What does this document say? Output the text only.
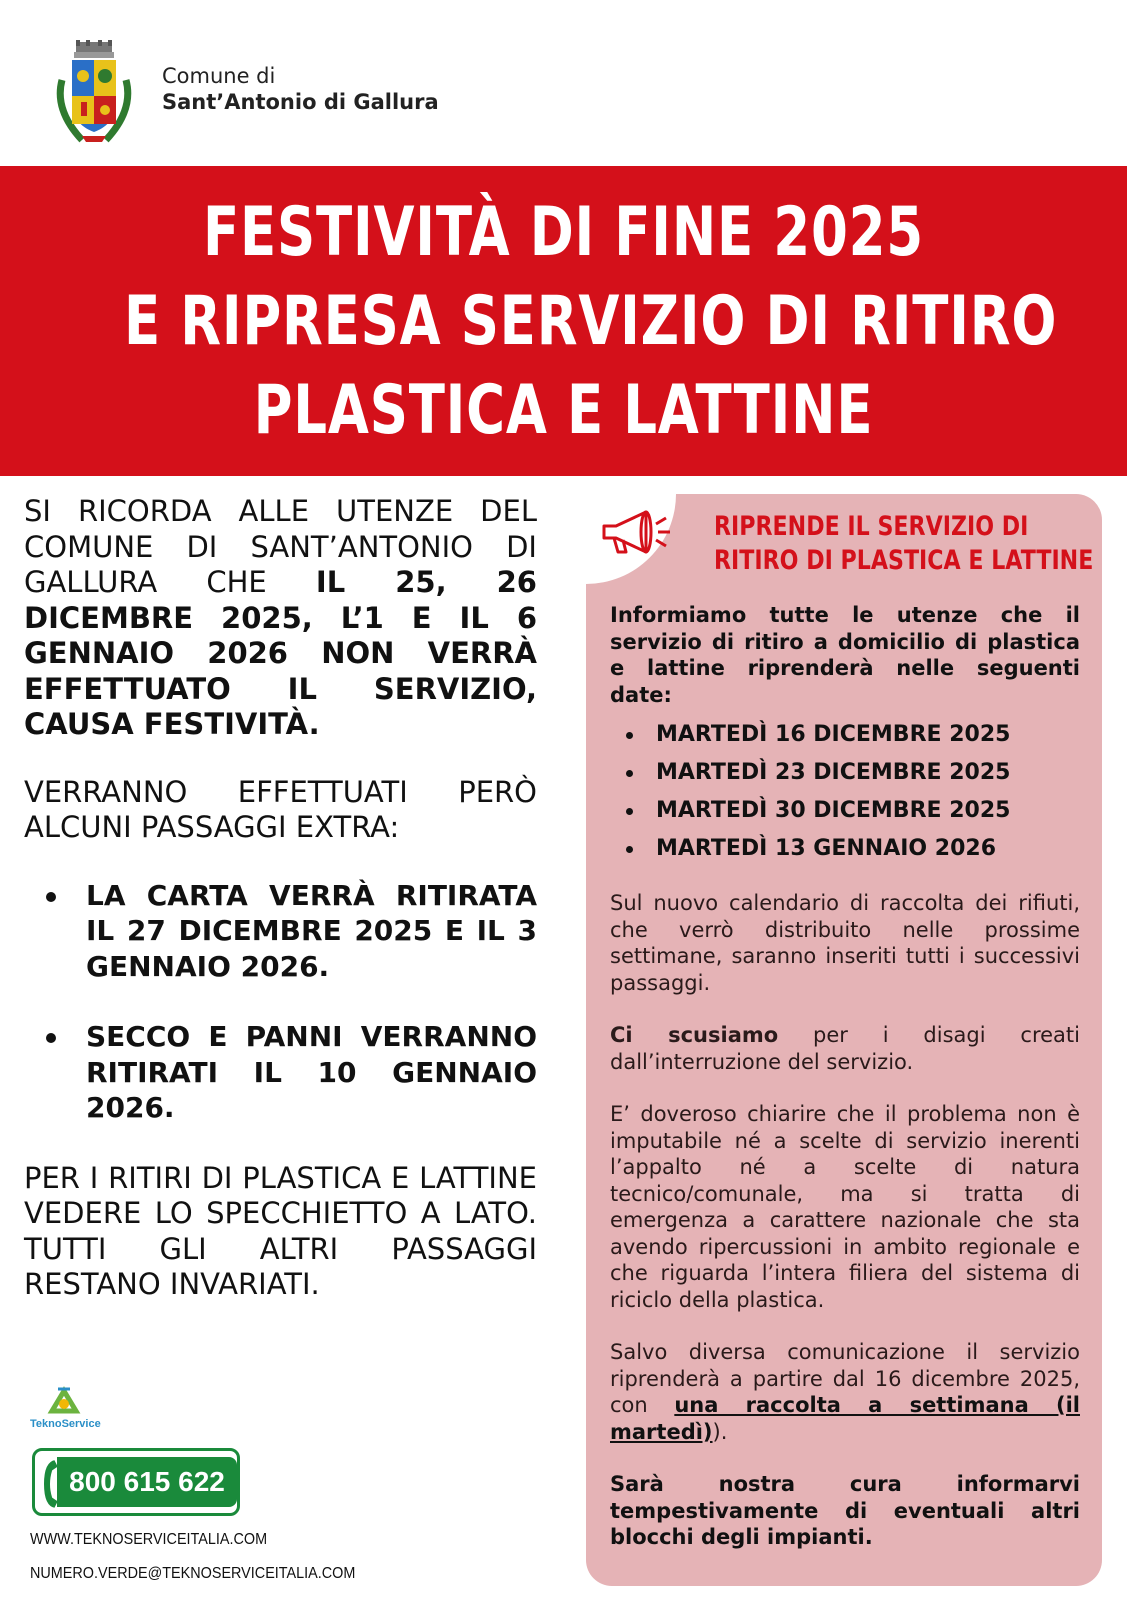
Comune di
Sant’Antonio di Gallura
FESTIVITÀ DI FINE 2025
E RIPRESA SERVIZIO DI RITIRO
PLASTICA E LATTINE

SI RICORDA ALLE UTENZE DEL COMUNE DI SANT’ANTONIO DI GALLURA CHE IL 25, 26 DICEMBRE 2025, L’1 E IL 6 GENNAIO 2026 NON VERRÀ EFFETTUATO IL SERVIZIO, CAUSA FESTIVITÀ.

VERRANNO EFFETTUATI PERÒ ALCUNI PASSAGGI EXTRA:

LA CARTA VERRÀ RITIRATA IL 27 DICEMBRE 2025 E IL 3 GENNAIO 2026.
SECCO E PANNI VERRANNO RITIRATI IL 10 GENNAIO 2026.

PER I RITIRI DI PLASTICA E LATTINE VEDERE LO SPECCHIETTO A LATO. TUTTI GLI ALTRI PASSAGGI RESTANO INVARIATI.

TeknoService
800 615 622
WWW.TEKNOSERVICEITALIA.COM
NUMERO.VERDE@TEKNOSERVICEITALIA.COM
RIPRENDE IL SERVIZIO DI
RITIRO DI PLASTICA E LATTINE

Informiamo tutte le utenze che il servizio di ritiro a domicilio di plastica e lattine riprenderà nelle seguenti date:

MARTEDÌ 16 DICEMBRE 2025
MARTEDÌ 23 DICEMBRE 2025
MARTEDÌ 30 DICEMBRE 2025
MARTEDÌ 13 GENNAIO 2026

Sul nuovo calendario di raccolta dei rifiuti, che verrò distribuito nelle prossime settimane, saranno inseriti tutti i successivi passaggi.

Ci scusiamo per i disagi creati dall’interruzione del servizio.

E’ doveroso chiarire che il problema non è imputabile né a scelte di servizio inerenti l’appalto né a scelte di natura tecnico/comunale, ma si tratta di emergenza a carattere nazionale che sta avendo ripercussioni in ambito regionale e che riguarda l’intera filiera del sistema di riciclo della plastica.

Salvo diversa comunicazione il servizio riprenderà a partire dal 16 dicembre 2025, con una raccolta a settimana (il martedì)).

Sarà nostra cura informarvi tempestivamente di eventuali altri blocchi degli impianti.
